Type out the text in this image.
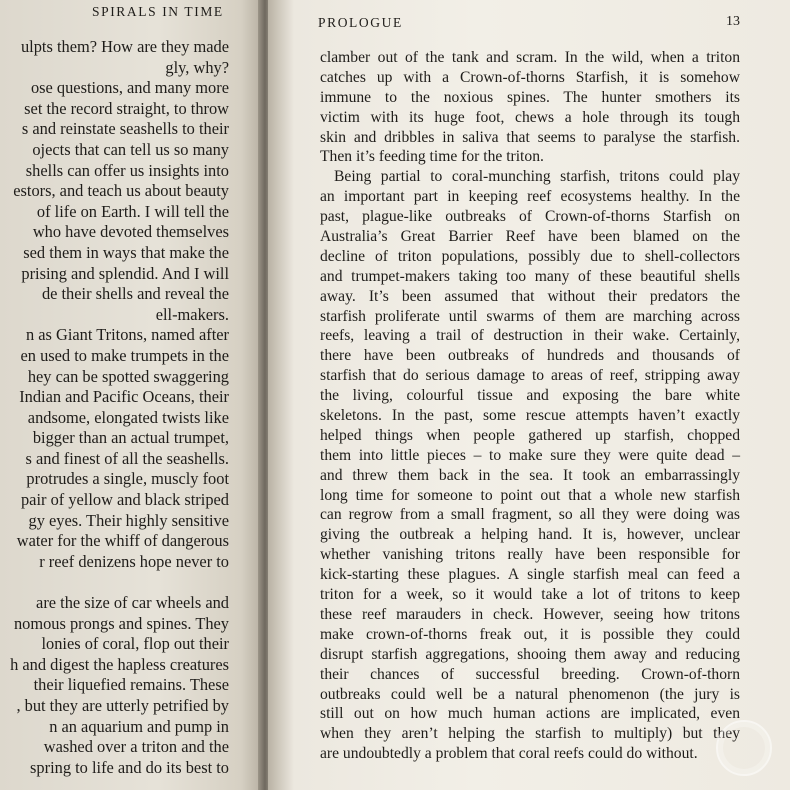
SPIRALS IN TIME
ulpts them? How are they made
gly, why?
ose questions, and many more
set the record straight, to throw
s and reinstate seashells to their
ojects that can tell us so many
shells can offer us insights into
estors, and teach us about beauty
of life on Earth. I will tell the
who have devoted themselves
sed them in ways that make the
prising and splendid. And I will
de their shells and reveal the
ell-makers.
n as Giant Tritons, named after
en used to make trumpets in the
hey can be spotted swaggering
Indian and Pacific Oceans, their
andsome, elongated twists like
bigger than an actual trumpet,
s and finest of all the seashells.
protrudes a single, muscly foot
pair of yellow and black striped
gy eyes. Their highly sensitive
water for the whiff of dangerous
r reef denizens hope never to
are the size of car wheels and
nomous prongs and spines. They
lonies of coral, flop out their
h and digest the hapless creatures
their liquefied remains. These
, but they are utterly petrified by
n an aquarium and pump in
washed over a triton and the
spring to life and do its best to
PROLOGUE	13
clamber out of the tank and scram. In the wild, when a triton
catches up with a Crown-of-thorns Starfish, it is somehow
immune to the noxious spines. The hunter smothers its
victim with its huge foot, chews a hole through its tough
skin and dribbles in saliva that seems to paralyse the starfish.
Then it’s feeding time for the triton.
Being partial to coral-munching starfish, tritons could play
an important part in keeping reef ecosystems healthy. In the
past, plague-like outbreaks of Crown-of-thorns Starfish on
Australia’s Great Barrier Reef have been blamed on the
decline of triton populations, possibly due to shell-collectors
and trumpet-makers taking too many of these beautiful shells
away. It’s been assumed that without their predators the
starfish proliferate until swarms of them are marching across
reefs, leaving a trail of destruction in their wake. Certainly,
there have been outbreaks of hundreds and thousands of
starfish that do serious damage to areas of reef, stripping away
the living, colourful tissue and exposing the bare white
skeletons. In the past, some rescue attempts haven’t exactly
helped things when people gathered up starfish, chopped
them into little pieces – to make sure they were quite dead –
and threw them back in the sea. It took an embarrassingly
long time for someone to point out that a whole new starfish
can regrow from a small fragment, so all they were doing was
giving the outbreak a helping hand. It is, however, unclear
whether vanishing tritons really have been responsible for
kick-starting these plagues. A single starfish meal can feed a
triton for a week, so it would take a lot of tritons to keep
these reef marauders in check. However, seeing how tritons
make crown-of-thorns freak out, it is possible they could
disrupt starfish aggregations, shooing them away and reducing
their chances of successful breeding. Crown-of-thorn
outbreaks could well be a natural phenomenon (the jury is
still out on how much human actions are implicated, even
when they aren’t helping the starfish to multiply) but they
are undoubtedly a problem that coral reefs could do without.
